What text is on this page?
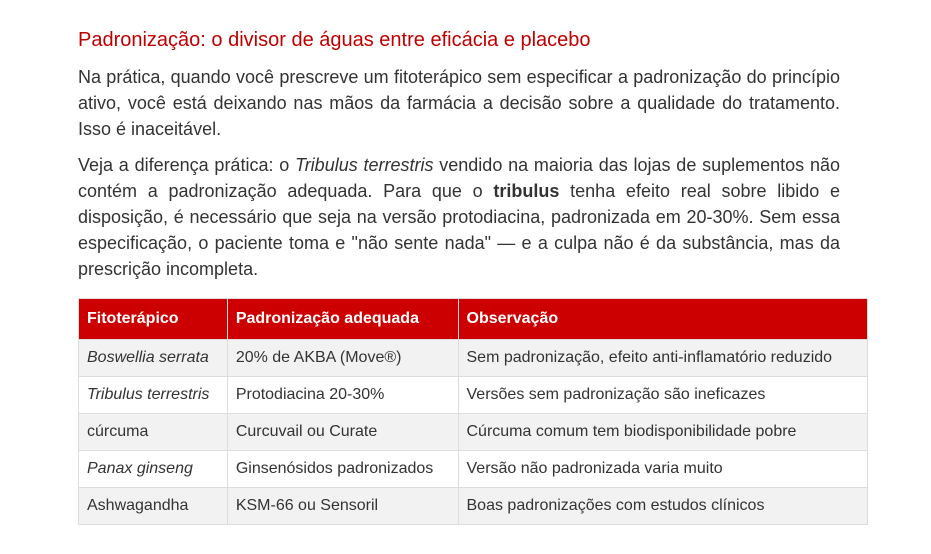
Padronização: o divisor de águas entre eficácia e placebo

Na prática, quando você prescreve um fitoterápico sem especificar a padronização do princípio ativo, você está deixando nas mãos da farmácia a decisão sobre a qualidade do tratamento. Isso é inaceitável.

Veja a diferença prática: o Tribulus terrestris vendido na maioria das lojas de suplementos não contém a padronização adequada. Para que o tribulus tenha efeito real sobre libido e disposição, é necessário que seja na versão protodiacina, padronizada em 20-30%. Sem essa especificação, o paciente toma e "não sente nada" — e a culpa não é da substância, mas da prescrição incompleta.

Fitoterápico	Padronização adequada	Observação
Boswellia serrata	20% de AKBA (Move®)	Sem padronização, efeito anti-inflamatório reduzido
Tribulus terrestris	Protodiacina 20-30%	Versões sem padronização são ineficazes
cúrcuma	Curcuvail ou Curate	Cúrcuma comum tem biodisponibilidade pobre
Panax ginseng	Ginsenósidos padronizados	Versão não padronizada varia muito
Ashwagandha	KSM-66 ou Sensoril	Boas padronizações com estudos clínicos
